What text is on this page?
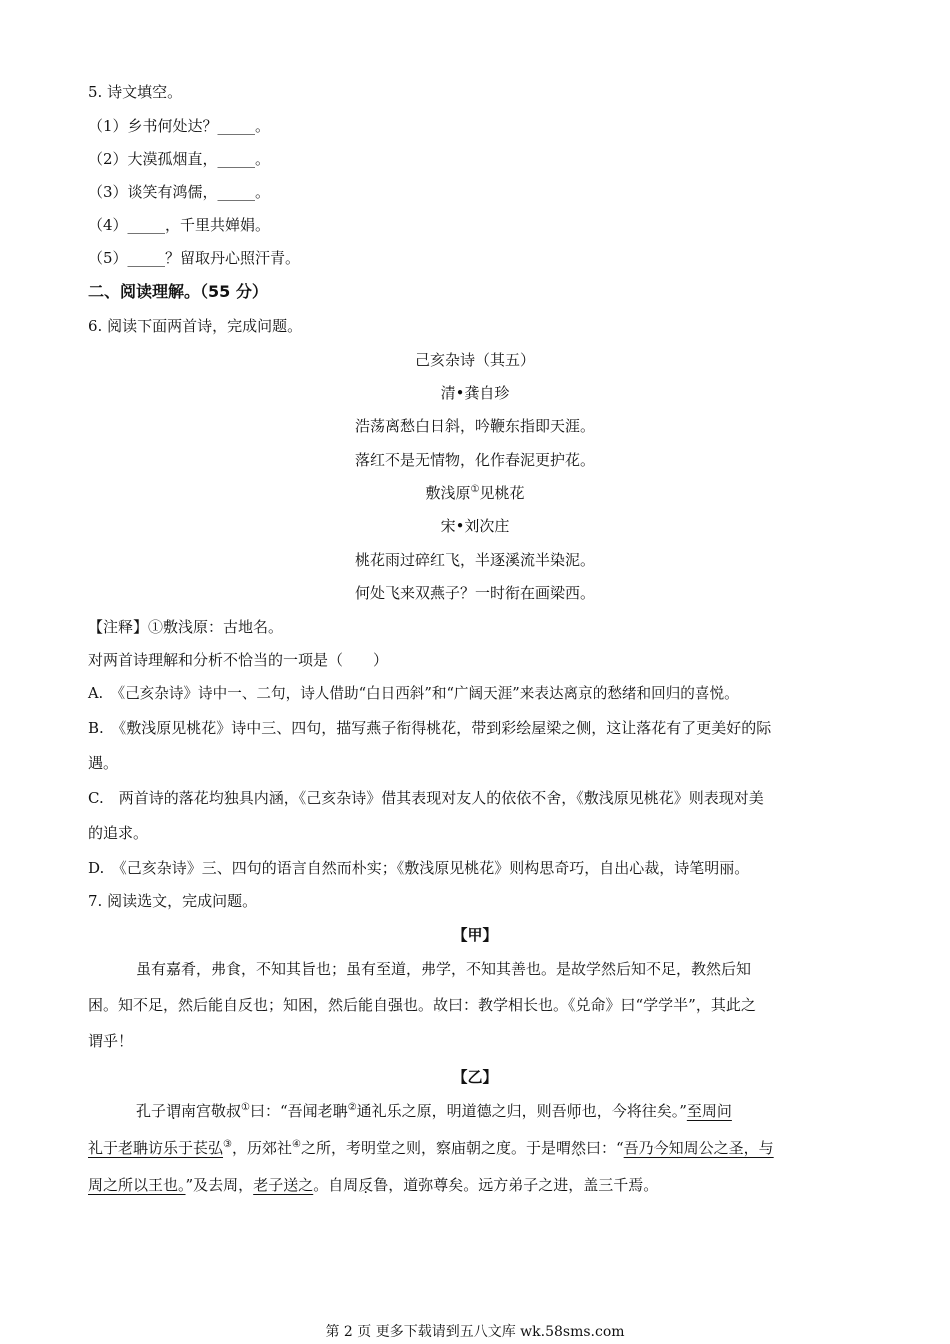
5. 诗文填空。
（1）乡书何处达？_____。
（2）大漠孤烟直，_____。
（3）谈笑有鸿儒，_____。
（4）_____，千里共婵娟。
（5）_____？留取丹心照汗青。
二、阅读理解。（55 分）
6. 阅读下面两首诗，完成问题。
己亥杂诗（其五）
清•龚自珍
浩荡离愁白日斜，吟鞭东指即天涯。
落红不是无情物，化作春泥更护花。
敷浅原①见桃花
宋•刘次庄
桃花雨过碎红飞，半逐溪流半染泥。
何处飞来双燕子？一时衔在画梁西。
【注释】①敷浅原：古地名。
对两首诗理解和分析不恰当的一项是（　　）
A.　《己亥杂诗》诗中一、二句，诗人借助“白日西斜”和“广阔天涯”来表达离京的愁绪和回归的喜悦。
B.　《敷浅原见桃花》诗中三、四句，描写燕子衔得桃花，带到彩绘屋梁之侧，这让落花有了更美好的际
遇。
C.　两首诗的落花均独具内涵，《己亥杂诗》借其表现对友人的依依不舍，《敷浅原见桃花》则表现对美
的追求。
D.　《己亥杂诗》三、四句的语言自然而朴实；《敷浅原见桃花》则构思奇巧，自出心裁，诗笔明丽。
7. 阅读选文，完成问题。
【甲】
虽有嘉肴，弗食，不知其旨也；虽有至道，弗学，不知其善也。是故学然后知不足，教然后知
困。知不足，然后能自反也；知困，然后能自强也。故曰：教学相长也。《兑命》曰“学学半”，其此之
谓乎！
【乙】
孔子谓南宫敬叔①曰：“吾闻老聃②通礼乐之原，明道德之归，则吾师也，今将往矣。”至周问
礼于老聃访乐于苌弘③，历郊社④之所，考明堂之则，察庙朝之度。于是喟然曰：“吾乃今知周公之圣，与
周之所以王也。”及去周，老子送之。自周反鲁，道弥尊矣。远方弟子之进，盖三千焉。
第 2 页 更多下载请到五八文库 wk.58sms.com
